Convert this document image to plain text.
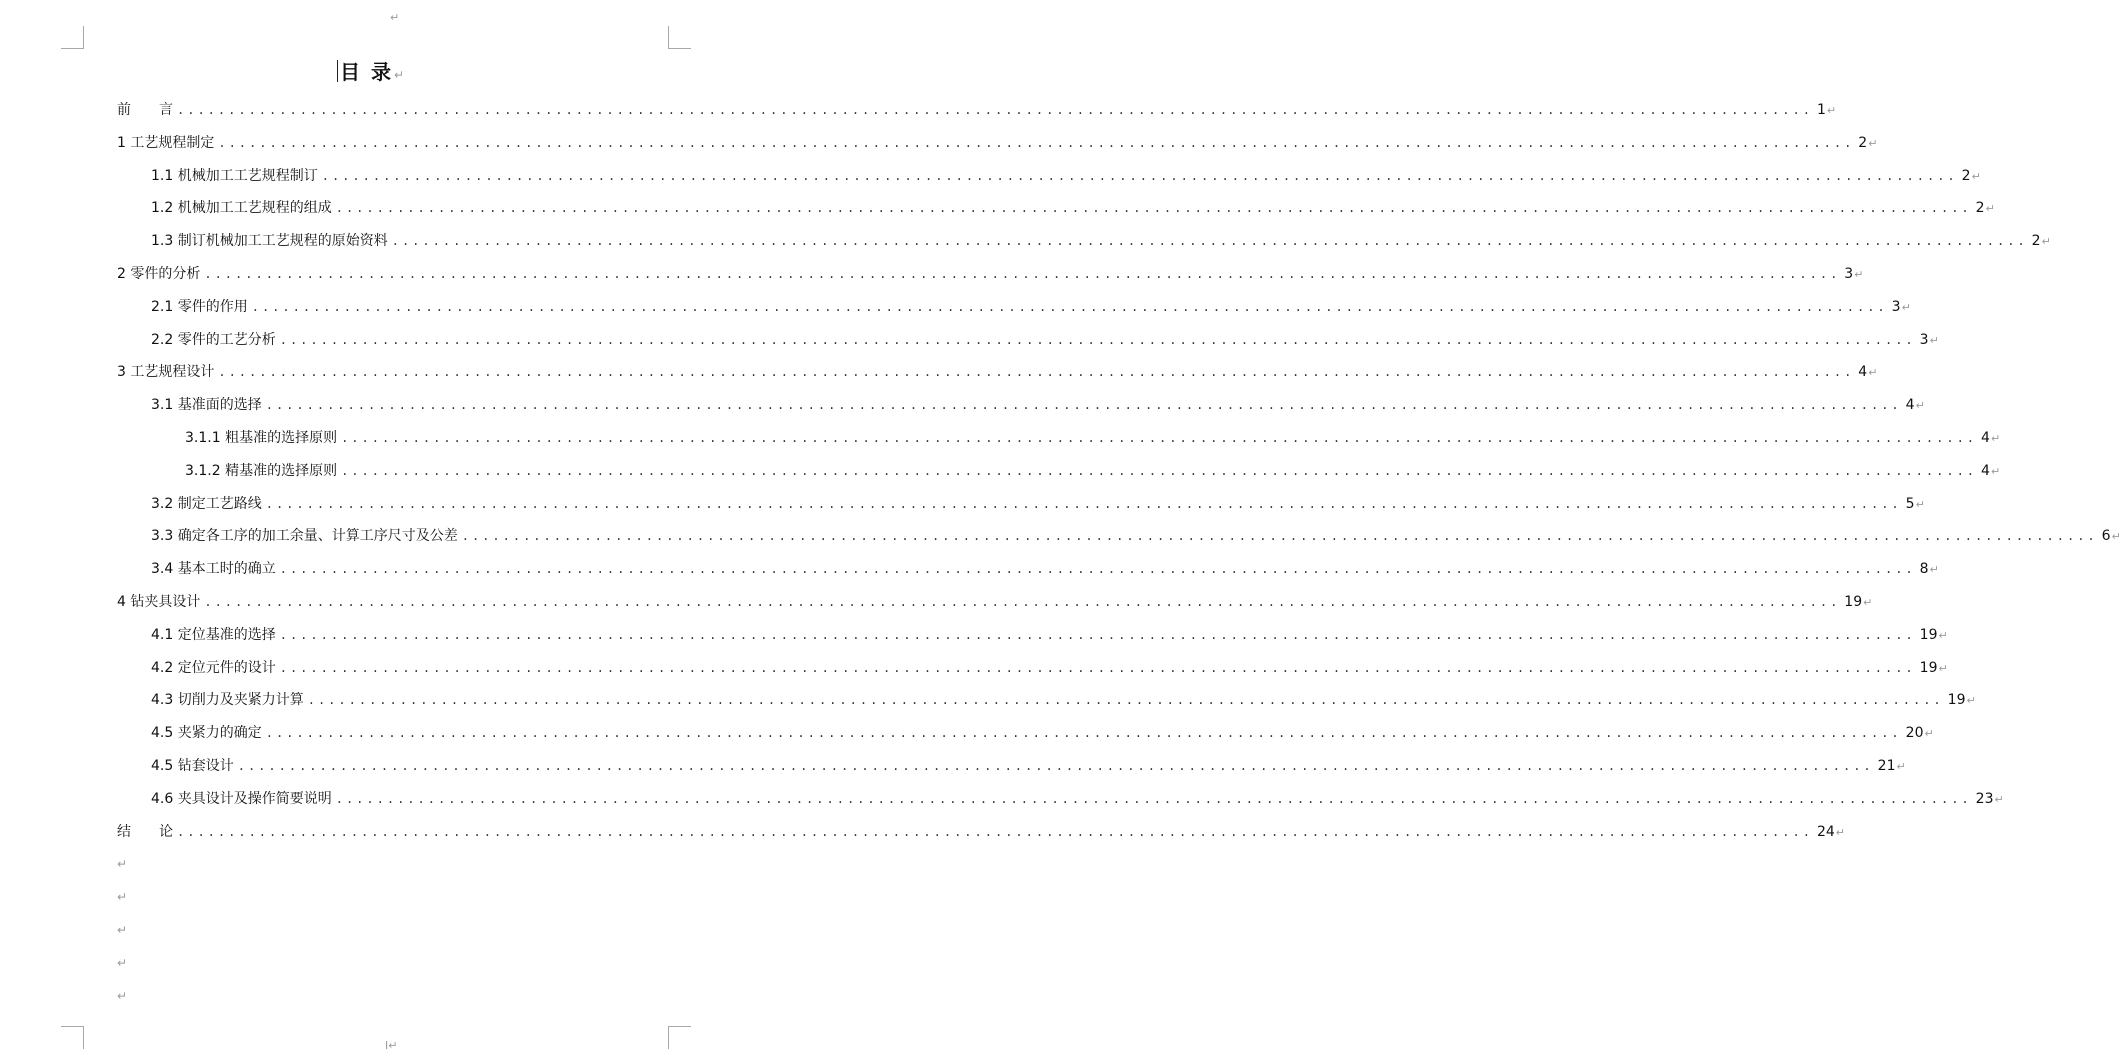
↵
目 录↵
前　　言 ................................................................................................................................................................ 1 ↵
1 工艺规程制定 ................................................................................................................................................................ 2 ↵
1.1 机械加工工艺规程制订 ................................................................................................................................................................ 2 ↵
1.2 机械加工工艺规程的组成 ................................................................................................................................................................ 2 ↵
1.3 制订机械加工工艺规程的原始资料 ................................................................................................................................................................ 2 ↵
2 零件的分析 ................................................................................................................................................................ 3 ↵
2.1 零件的作用 ................................................................................................................................................................ 3 ↵
2.2 零件的工艺分析 ................................................................................................................................................................ 3 ↵
3 工艺规程设计 ................................................................................................................................................................ 4 ↵
3.1 基准面的选择 ................................................................................................................................................................ 4 ↵
3.1.1 粗基准的选择原则 ................................................................................................................................................................ 4 ↵
3.1.2 精基准的选择原则 ................................................................................................................................................................ 4 ↵
3.2 制定工艺路线 ................................................................................................................................................................ 5 ↵
3.3 确定各工序的加工余量、计算工序尺寸及公差 ................................................................................................................................................................ 6 ↵
3.4 基本工时的确立 ................................................................................................................................................................ 8 ↵
4 钻夹具设计 ................................................................................................................................................................ 19 ↵
4.1 定位基准的选择 ................................................................................................................................................................ 19 ↵
4.2 定位元件的设计 ................................................................................................................................................................ 19 ↵
4.3 切削力及夹紧力计算 ................................................................................................................................................................ 19 ↵
4.5 夹紧力的确定 ................................................................................................................................................................ 20 ↵
4.5 钻套设计 ................................................................................................................................................................ 21 ↵
4.6 夹具设计及操作简要说明 ................................................................................................................................................................ 23 ↵
结　　论 ................................................................................................................................................................ 24 ↵
↵
↵
↵
↵
↵
I↵
